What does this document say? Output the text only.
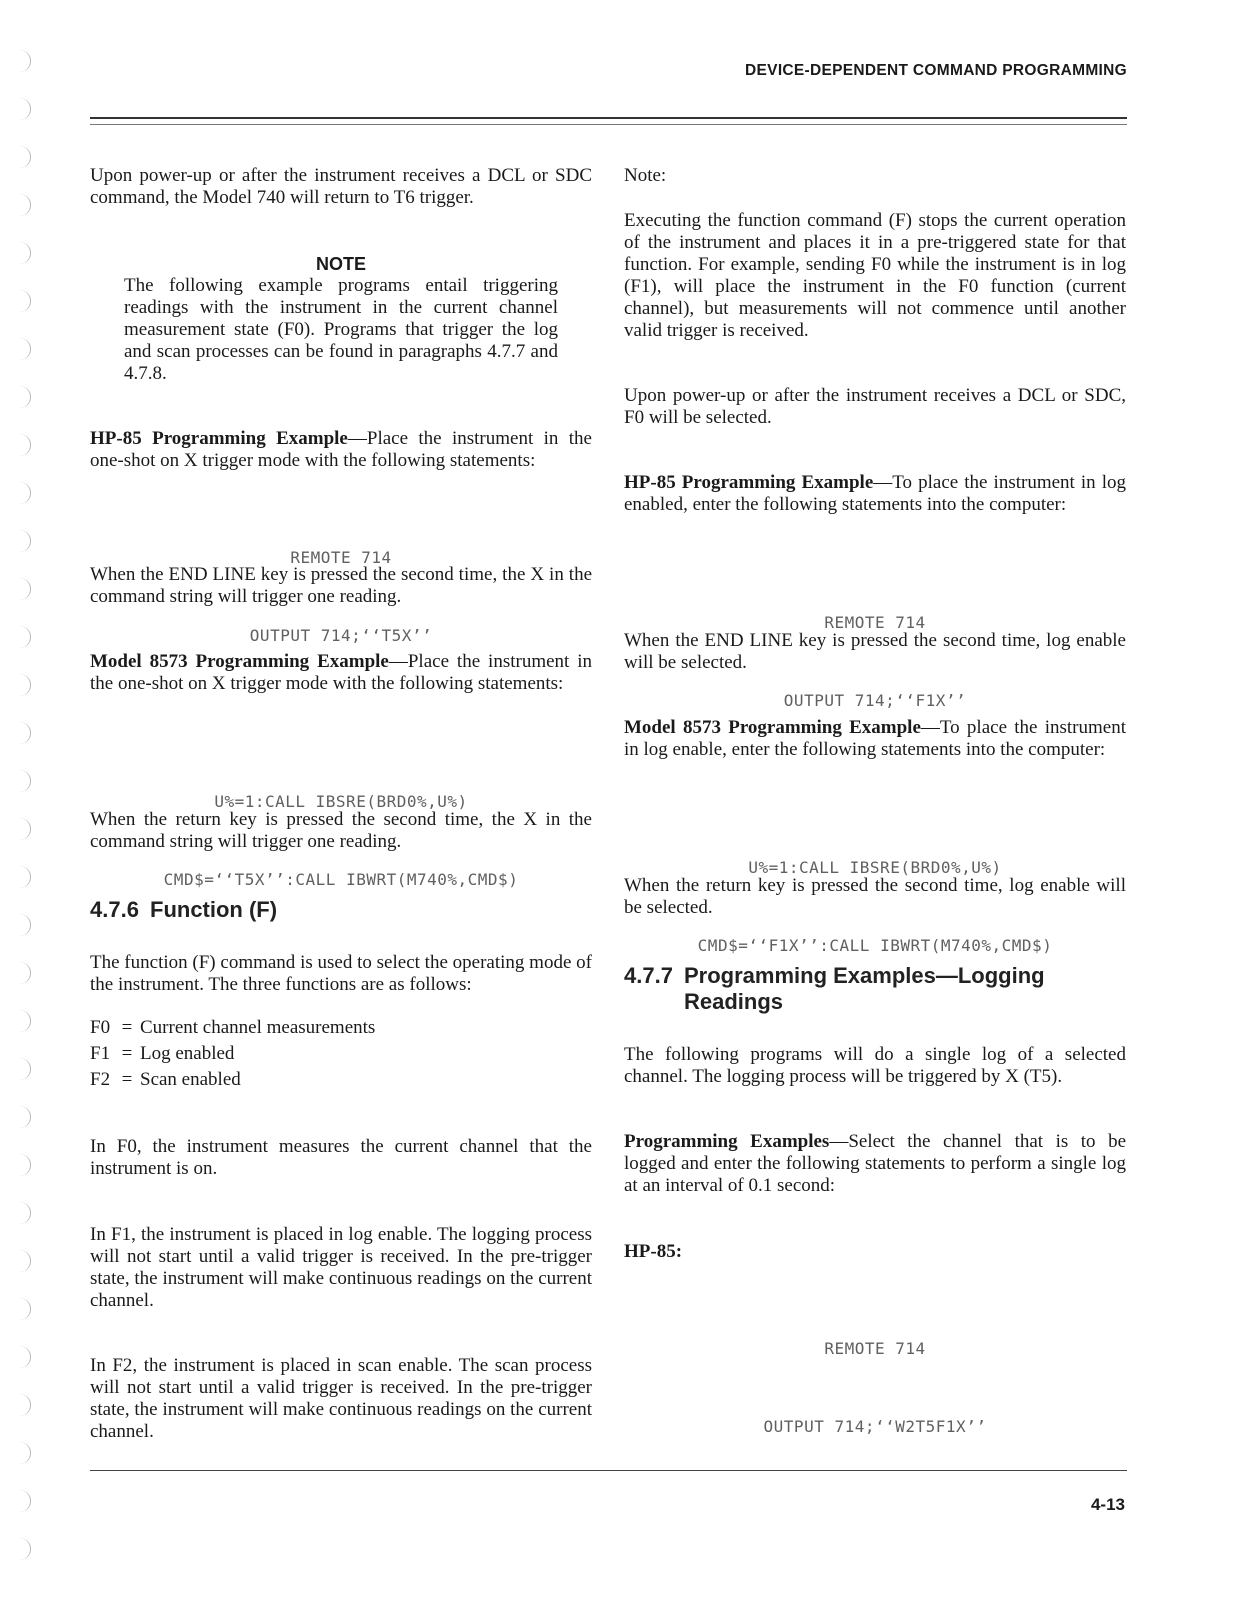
DEVICE-DEPENDENT COMMAND PROGRAMMING

Upon power-up or after the instrument receives a DCL or SDC command, the Model 740 will return to T6 trigger.

NOTE

The following example programs entail triggering readings with the instrument in the current channel measurement state (F0). Programs that trigger the log and scan processes can be found in paragraphs 4.7.7 and 4.7.8.

HP-85 Programming Example—Place the instrument in the one-shot on X trigger mode with the following statements:

REMOTE 714

OUTPUT 714;‘‘T5X’’

When the END LINE key is pressed the second time, the X in the command string will trigger one reading.

Model 8573 Programming Example—Place the instrument in the one-shot on X trigger mode with the following statements:

U%=1:CALL IBSRE(BRD0%,U%)

CMD$=‘‘T5X’’:CALL IBWRT(M740%,CMD$)

When the return key is pressed the second time, the X in the command string will trigger one reading.

4.7.6 Function (F)

The function (F) command is used to select the operating mode of the instrument. The three functions are as follows:

F0 = Current channel measurements
F1 = Log enabled
F2 = Scan enabled

In F0, the instrument measures the current channel that the instrument is on.

In F1, the instrument is placed in log enable. The logging process will not start until a valid trigger is received. In the pre-trigger state, the instrument will make continuous readings on the current channel.

In F2, the instrument is placed in scan enable. The scan process will not start until a valid trigger is received. In the pre-trigger state, the instrument will make continuous readings on the current channel.

Note:

Executing the function command (F) stops the current operation of the instrument and places it in a pre-triggered state for that function. For example, sending F0 while the instrument is in log (F1), will place the instrument in the F0 function (current channel), but measurements will not commence until another valid trigger is received.

Upon power-up or after the instrument receives a DCL or SDC, F0 will be selected.

HP-85 Programming Example—To place the instrument in log enabled, enter the following statements into the computer:

REMOTE 714

OUTPUT 714;‘‘F1X’’

When the END LINE key is pressed the second time, log enable will be selected.

Model 8573 Programming Example—To place the instrument in log enable, enter the following statements into the computer:

U%=1:CALL IBSRE(BRD0%,U%)

CMD$=‘‘F1X’’:CALL IBWRT(M740%,CMD$)

When the return key is pressed the second time, log enable will be selected.

4.7.7 Programming Examples—Logging
Readings

The following programs will do a single log of a selected channel. The logging process will be triggered by X (T5).

Programming Examples—Select the channel that is to be logged and enter the following statements to perform a single log at an interval of 0.1 second:

HP-85:

REMOTE 714

OUTPUT 714;‘‘W2T5F1X’’

4-13
